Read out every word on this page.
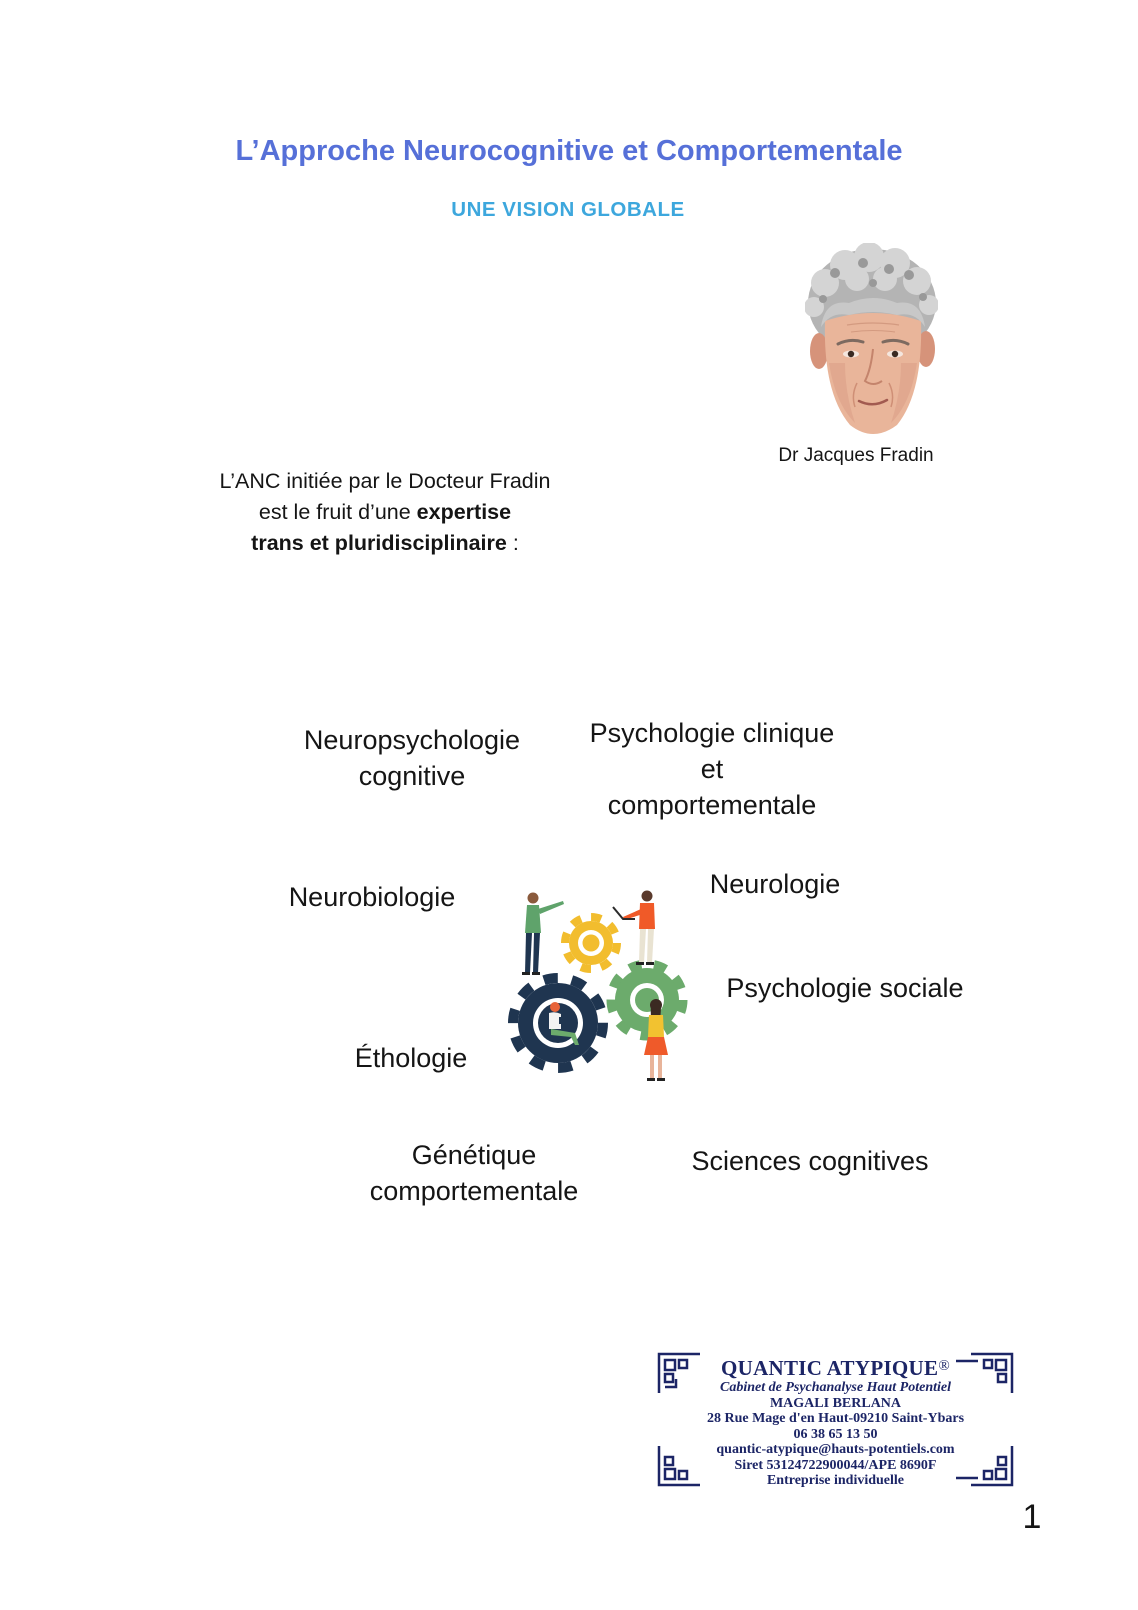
L’Approche Neurocognitive et Comportementale
UNE VISION GLOBALE
Dr Jacques Fradin
L’ANC initiée par le Docteur Fradin
est le fruit d’une expertise
trans et pluridisciplinaire :
Neuropsychologie
cognitive
Psychologie clinique
et
comportementale
Neurobiologie	Neurologie
Psychologie sociale
Éthologie
Génétique
comportementale
Sciences cognitives
QUANTIC ATYPIQUE®
Cabinet de Psychanalyse Haut Potentiel
MAGALI BERLANA
28 Rue Mage d'en Haut-09210 Saint-Ybars
06 38 65 13 50
quantic-atypique@hauts-potentiels.com
Siret 53124722900044/APE 8690F
Entreprise individuelle
1
